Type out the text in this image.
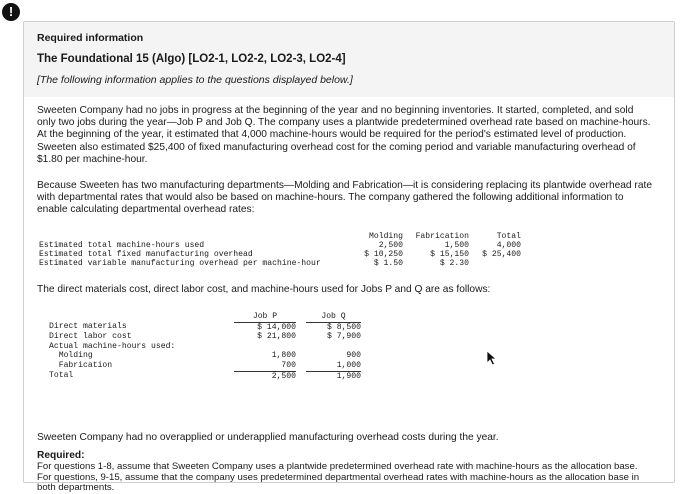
!
Required information
The Foundational 15 (Algo) [LO2-1, LO2-2, LO2-3, LO2-4]
[The following information applies to the questions displayed below.]
Sweeten Company had no jobs in progress at the beginning of the year and no beginning inventories. It started, completed, and sold only two jobs during the year—Job P and Job Q. The company uses a plantwide predetermined overhead rate based on machine-hours. At the beginning of the year, it estimated that 4,000 machine-hours would be required for the period's estimated level of production. Sweeten also estimated $25,400 of fixed manufacturing overhead cost for the coming period and variable manufacturing overhead of $1.80 per machine-hour.
Because Sweeten has two manufacturing departments—Molding and Fabrication—it is considering replacing its plantwide overhead rate with departmental rates that would also be based on machine-hours. The company gathered the following additional information to enable calculating departmental overhead rates:
	Molding	Fabrication	Total
Estimated total machine-hours used	2,500	1,500	4,000
Estimated total fixed manufacturing overhead	$ 10,250	$ 15,150	$ 25,400
Estimated variable manufacturing overhead per machine-hour	$ 1.50	$ 2.30	
The direct materials cost, direct labor cost, and machine-hours used for Jobs P and Q are as follows:
	Job P		Job Q
Direct materials	$ 14,000		$ 8,500
Direct labor cost	$ 21,800		$ 7,900
Actual machine-hours used:			
Molding	1,800		900
Fabrication	700		1,000
Total	2,500		1,900
Sweeten Company had no overapplied or underapplied manufacturing overhead costs during the year.
Required:
For questions 1-8, assume that Sweeten Company uses a plantwide predetermined overhead rate with machine-hours as the allocation base. For questions, 9-15, assume that the company uses predetermined departmental overhead rates with machine-hours as the allocation base in both departments.
